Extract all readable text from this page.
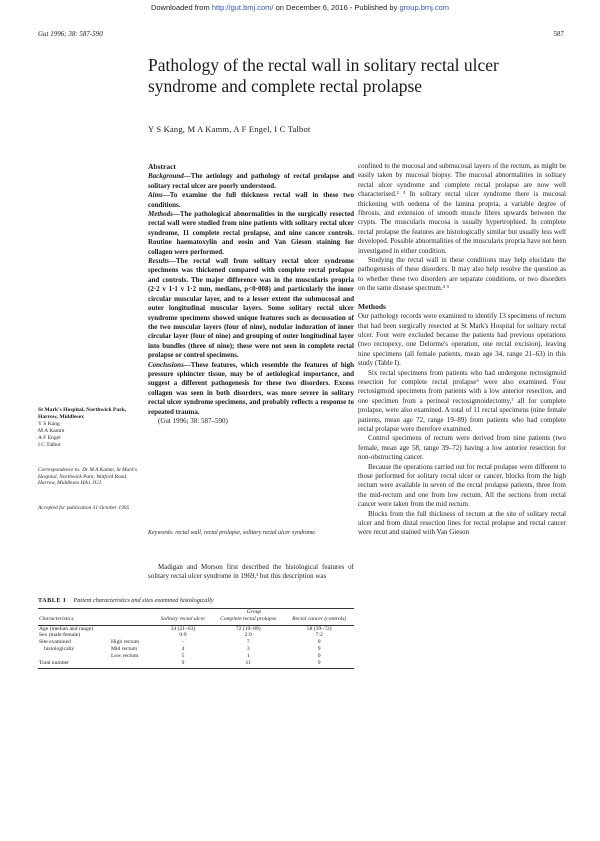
Downloaded from http://gut.bmj.com/ on December 6, 2016 - Published by group.bmj.com
Gut 1996; 38: 587-590	587
Pathology of the rectal wall in solitary rectal ulcer syndrome and complete rectal prolapse
Y S Kang, M A Kamm, A F Engel, I C Talbot
Abstract

Background—The aetiology and pathology of rectal prolapse and solitary rectal ulcer are poorly understood.

Aims—To examine the full thickness rectal wall in these two conditions.

Methods—The pathological abnormalities in the surgically resected rectal wall were studied from nine patients with solitary rectal ulcer syndrome, 11 complete rectal prolapse, and nine cancer controls. Routine haematoxylin and eosin and Van Gieson staining for collagen were performed.

Results—The rectal wall from solitary rectal ulcer syndrome specimens was thickened compared with complete rectal prolapse and controls. The major difference was in the muscularis propria (2·2 v 1·1 v 1·2 mm, medians, p<0·008) and particularly the inner circular muscular layer, and to a lesser extent the submucosal and outer longitudinal muscular layers. Some solitary rectal ulcer syndrome specimens showed unique features such as decussation of the two muscular layers (four of nine), nodular induration of inner circular layer (four of nine) and grouping of outer longitudinal layer into bundles (three of nine); these were not seen in complete rectal prolapse or control specimens.

Conclusions—These features, which resemble the features of high pressure sphincter tissue, may be of aetiological importance, and suggest a different pathogenesis for these two disorders. Excess collagen was seen in both disorders, was more severe in solitary rectal ulcer syndrome specimens, and probably reflects a response to repeated trauma.

(Gut 1996; 38: 587–590)

Keywords: rectal wall, rectal prolapse, solitary rectal ulcer syndrome.

Madigan and Morson first described the histological features of solitary rectal ulcer syndrome in 1969,¹ but this description was

St Mark's Hospital, Northwick Park, Harrow, Middlesex
Y S Kang
M A Kamm
A F Engel
I C Talbot
Correspondence to: Dr M A Kamm, St Mark's Hospital, Northwick Park, Watford Road, Harrow, Middlesex HA1 3UJ.
Accepted for publication 31 October 1995

confined to the mucosal and submucosal layers of the rectum, as might be easily taken by mucosal biopsy. The mucosal abnormalities in solitary rectal ulcer syndrome and complete rectal prolapse are now well characterised.² ³ In solitary rectal ulcer syndrome there is mucosal thickening with oedema of the lamina propria, a variable degree of fibrosis, and extension of smooth muscle fibres upwards between the crypts. The muscularis mucosa is usually hypertrophied. In complete rectal prolapse the features are histologically similar but usually less well developed. Possible abnormalities of the muscularis propria have not been investigated in either condition.

Studying the rectal wall in these conditions may help elucidate the pathogenesis of these disorders. It may also help resolve the question as to whether these two disorders are separate conditions, or two disorders on the same disease spectrum.⁴ ⁵

Methods

Our pathology records were examined to identify 13 specimens of rectum that had been surgically resected at St Mark's Hospital for solitary rectal ulcer. Four were excluded because the patients had previous operations (two rectopexy, one Delorme's operation, one rectal excision), leaving nine specimens (all female patients, mean age 34, range 21–63) in this study (Table I).

Six rectal specimens from patients who had undergone rectosigmoid resection for complete rectal prolapse⁶ were also examined. Four rectosigmoid specimens from patients with a low anterior resection, and one specimen from a perineal rectosigmoidectomy,⁷ all for complete prolapse, were also examined. A total of 11 rectal specimens (nine female patients, mean age 72, range 19–89) from patients who had complete rectal prolapse were therefore examined.

Control specimens of rectum were derived from nine patients (two female, mean age 58, range 39–72) having a low anterior resection for non-obstructing cancer.

Because the operations carried out for rectal prolapse were different to those performed for solitary rectal ulcer or cancer, blocks from the high rectum were available in seven of the rectal prolapse patients, three from the mid-rectum and one from low rectum. All the sections from rectal cancer were taken from the mid rectum.

Blocks from the full thickness of rectum at the site of solitary rectal ulcer and from distal resection lines for rectal prolapse and rectal cancer were recut and stained with Van Gieson

TABLE I Patient characteristics and sites examined histologically
		Group		
Characteristics		Solitary rectal ulcer	Complete rectal prolapse	Rectal cancer (controls)
Age (median and range)		34 (21–63)	72 (19–89)	58 (39–72)
Sex (male:female)		0:9	2:9	7:2
Site examined	High rectum	–	7	0
histologically	Mid rectum	4	3	9
	Low rectum	5	1	0
Total number		9	11	9
